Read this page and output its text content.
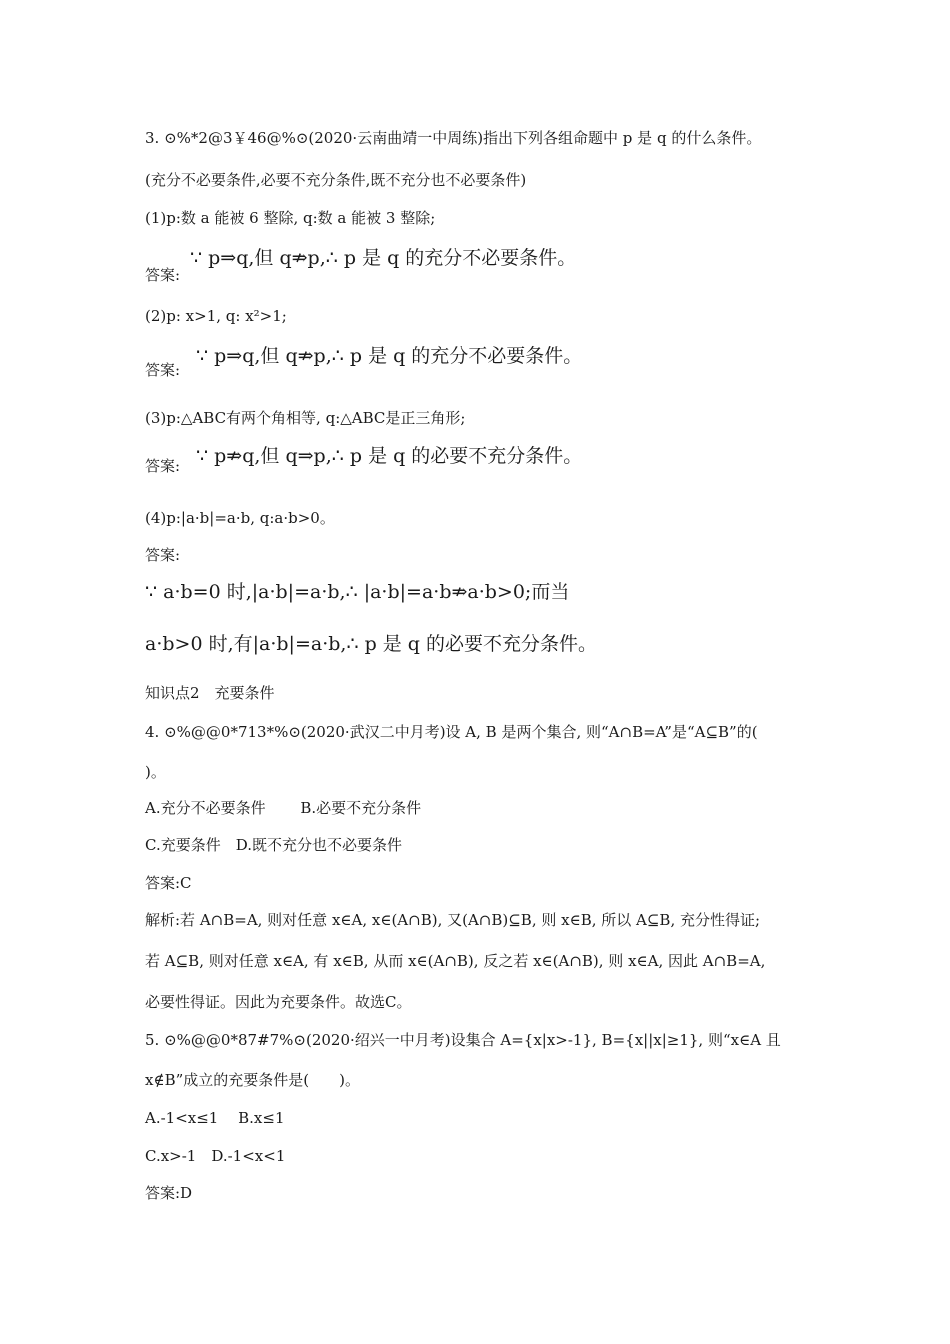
3. ⊙%*2@3￥46@%⊙(2020·云南曲靖一中周练)指出下列各组命题中 p 是 q 的什么条件。
(充分不必要条件,必要不充分条件,既不充分也不必要条件)
(1)p:数 a 能被 6 整除, q:数 a 能被 3 整除;
答案:
∵ p⇒q,但 q⇏p,∴ p 是 q 的充分不必要条件。
(2)p: x>1, q: x²>1;
答案:
∵ p⇒q,但 q⇏p,∴ p 是 q 的充分不必要条件。
(3)p:△ABC有两个角相等, q:△ABC是正三角形;
答案: ∵ p⇏q,但 q⇒p,∴ p 是 q 的必要不充分条件。
(4)p:|a·b|=a·b, q:a·b>0。
答案:
∵ a·b=0 时,|a·b|=a·b,∴ |a·b|=a·b⇏a·b>0;而当
a·b>0 时,有|a·b|=a·b,∴ p 是 q 的必要不充分条件。
知识点2　充要条件
4. ⊙%@@0*713*%⊙(2020·武汉二中月考)设 A, B 是两个集合, 则“A∩B=A”是“A⊆B”的(
)。
A.充分不必要条件　　 B.必要不充分条件
C.充要条件　D.既不充分也不必要条件
答案:C
解析:若 A∩B=A, 则对任意 x∈A, x∈(A∩B), 又(A∩B)⊆B, 则 x∈B, 所以 A⊆B, 充分性得证;
若 A⊆B, 则对任意 x∈A, 有 x∈B, 从而 x∈(A∩B), 反之若 x∈(A∩B), 则 x∈A, 因此 A∩B=A,
必要性得证。因此为充要条件。故选C。
5. ⊙%@@0*87#7%⊙(2020·绍兴一中月考)设集合 A={x|x>-1}, B={x||x|≥1}, 则“x∈A 且
x∉B”成立的充要条件是(　　)。
A.-1<x≤1　 B.x≤1
C.x>-1　D.-1<x<1
答案:D
